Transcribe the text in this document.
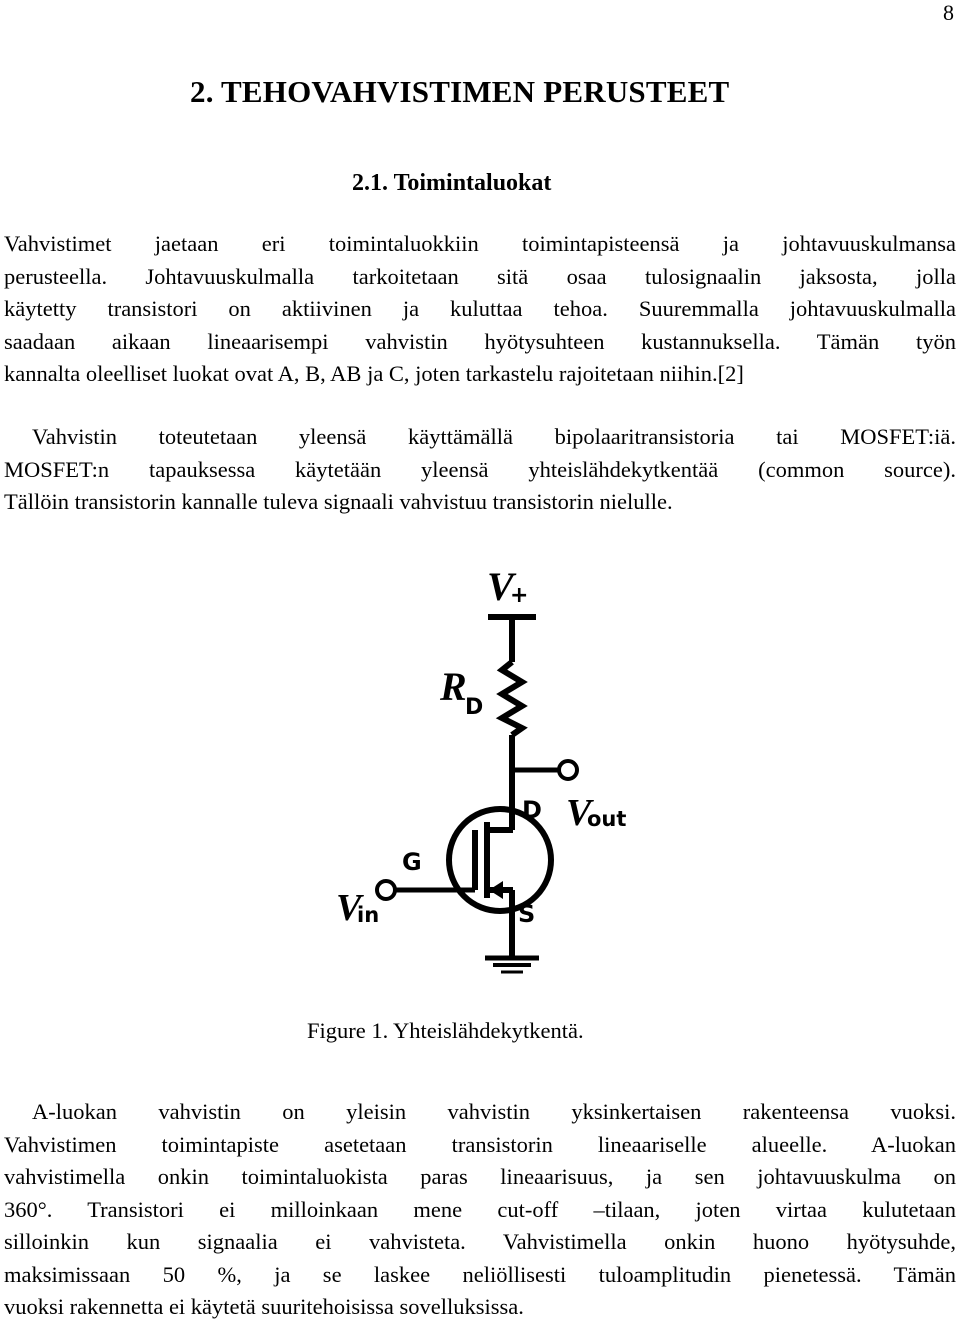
8
2. TEHOVAHVISTIMEN PERUSTEET
2.1. Toimintaluokat
Vahvistimet jaetaan eri toimintaluokkiin toimintapisteensä ja johtavuuskulmansa
perusteella. Johtavuuskulmalla tarkoitetaan sitä osaa tulosignaalin jaksosta, jolla
käytetty transistori on aktiivinen ja kuluttaa tehoa. Suuremmalla johtavuuskulmalla
saadaan aikaan lineaarisempi vahvistin hyötysuhteen kustannuksella. Tämän työn
kannalta oleelliset luokat ovat A, B, AB ja C, joten tarkastelu rajoitetaan niihin.[2]
Vahvistin toteutetaan yleensä käyttämällä bipolaaritransistoria tai MOSFET:iä.
MOSFET:n tapauksessa käytetään yleensä yhteislähdekytkentää (common source).
Tällöin transistorin kannalle tuleva signaali vahvistuu transistorin nielulle.
V
+
R
D
D V
out
G
S
V
in
Figure 1. Yhteislähdekytkentä.
A-luokan vahvistin on yleisin vahvistin yksinkertaisen rakenteensa vuoksi.
Vahvistimen toimintapiste asetetaan transistorin lineaariselle alueelle. A-luokan
vahvistimella onkin toimintaluokista paras lineaarisuus, ja sen johtavuuskulma on
360°. Transistori ei milloinkaan mene cut-off –tilaan, joten virtaa kulutetaan
silloinkin kun signaalia ei vahvisteta. Vahvistimella onkin huono hyötysuhde,
maksimissaan 50 %, ja se laskee neliöllisesti tuloamplitudin pienetessä. Tämän
vuoksi rakennetta ei käytetä suuritehoisissa sovelluksissa.
